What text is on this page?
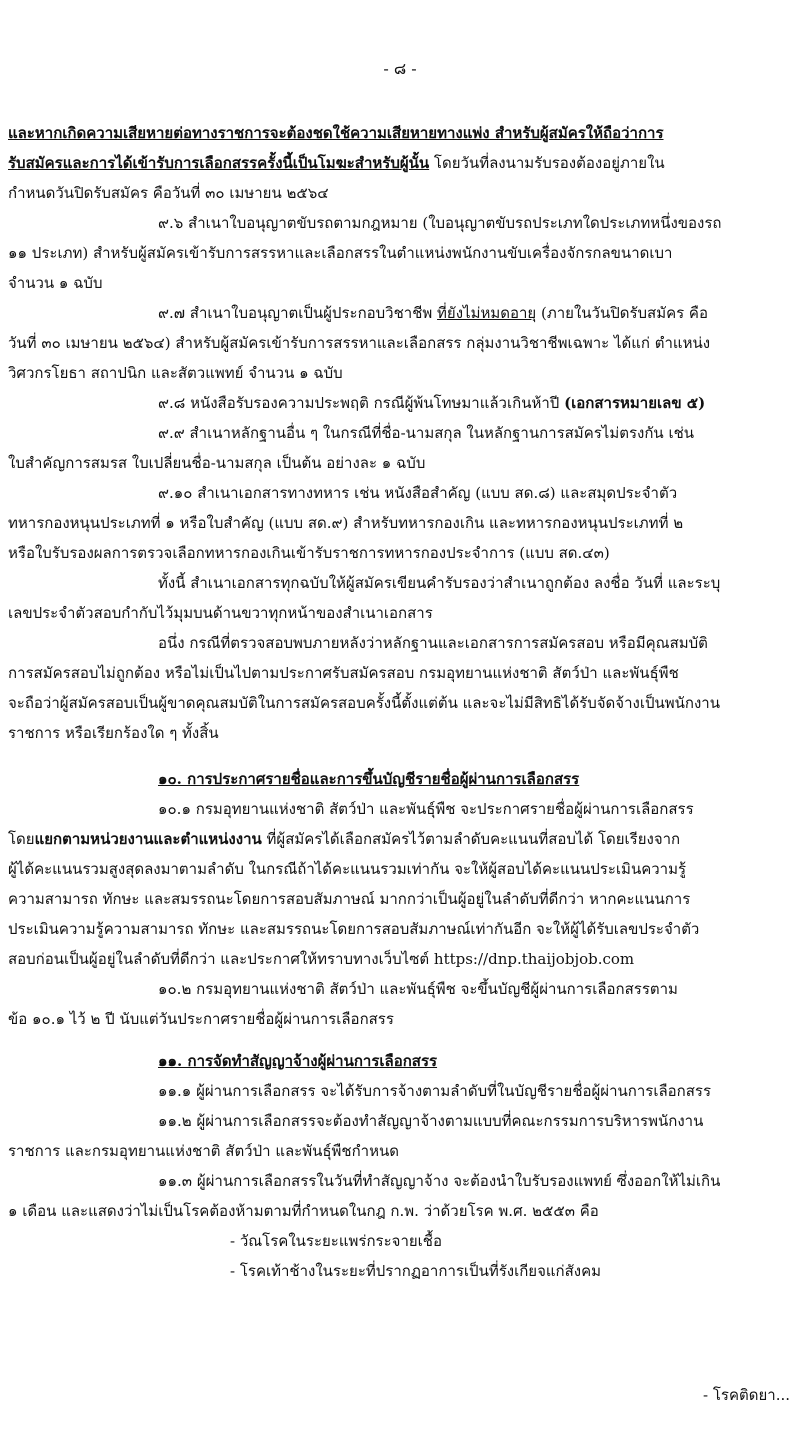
- ๘ -
และหากเกิดความเสียหายต่อทางราชการจะต้องชดใช้ความเสียหายทางแพ่ง สำหรับผู้สมัครให้ถือว่าการ
รับสมัครและการได้เข้ารับการเลือกสรรครั้งนี้เป็นโมฆะสำหรับผู้นั้น โดยวันที่ลงนามรับรองต้องอยู่ภายใน
กำหนดวันปิดรับสมัคร คือวันที่ ๓๐ เมษายน ๒๕๖๔
๙.๖ สำเนาใบอนุญาตขับรถตามกฎหมาย (ใบอนุญาตขับรถประเภทใดประเภทหนึ่งของรถ
๑๑ ประเภท) สำหรับผู้สมัครเข้ารับการสรรหาและเลือกสรรในตำแหน่งพนักงานขับเครื่องจักรกลขนาดเบา
จำนวน ๑ ฉบับ
๙.๗ สำเนาใบอนุญาตเป็นผู้ประกอบวิชาชีพ ที่ยังไม่หมดอายุ (ภายในวันปิดรับสมัคร คือ
วันที่ ๓๐ เมษายน ๒๕๖๔) สำหรับผู้สมัครเข้ารับการสรรหาและเลือกสรร กลุ่มงานวิชาชีพเฉพาะ ได้แก่ ตำแหน่ง
วิศวกรโยธา สถาปนิก และสัตวแพทย์ จำนวน ๑ ฉบับ
๙.๘ หนังสือรับรองความประพฤติ กรณีผู้พ้นโทษมาแล้วเกินห้าปี (เอกสารหมายเลข ๕)
๙.๙ สำเนาหลักฐานอื่น ๆ ในกรณีที่ชื่อ-นามสกุล ในหลักฐานการสมัครไม่ตรงกัน เช่น
ใบสำคัญการสมรส ใบเปลี่ยนชื่อ-นามสกุล เป็นต้น อย่างละ ๑ ฉบับ
๙.๑๐ สำเนาเอกสารทางทหาร เช่น หนังสือสำคัญ (แบบ สด.๘) และสมุดประจำตัว
ทหารกองหนุนประเภทที่ ๑ หรือใบสำคัญ (แบบ สด.๙) สำหรับทหารกองเกิน และทหารกองหนุนประเภทที่ ๒
หรือใบรับรองผลการตรวจเลือกทหารกองเกินเข้ารับราชการทหารกองประจำการ (แบบ สด.๔๓)
ทั้งนี้ สำเนาเอกสารทุกฉบับให้ผู้สมัครเขียนคำรับรองว่าสำเนาถูกต้อง ลงชื่อ วันที่ และระบุ
เลขประจำตัวสอบกำกับไว้มุมบนด้านขวาทุกหน้าของสำเนาเอกสาร
อนึ่ง กรณีที่ตรวจสอบพบภายหลังว่าหลักฐานและเอกสารการสมัครสอบ หรือมีคุณสมบัติ
การสมัครสอบไม่ถูกต้อง หรือไม่เป็นไปตามประกาศรับสมัครสอบ กรมอุทยานแห่งชาติ สัตว์ป่า และพันธุ์พืช
จะถือว่าผู้สมัครสอบเป็นผู้ขาดคุณสมบัติในการสมัครสอบครั้งนี้ตั้งแต่ต้น และจะไม่มีสิทธิได้รับจัดจ้างเป็นพนักงาน
ราชการ หรือเรียกร้องใด ๆ ทั้งสิ้น
๑๐. การประกาศรายชื่อและการขึ้นบัญชีรายชื่อผู้ผ่านการเลือกสรร
๑๐.๑ กรมอุทยานแห่งชาติ สัตว์ป่า และพันธุ์พืช จะประกาศรายชื่อผู้ผ่านการเลือกสรร
โดยแยกตามหน่วยงานและตำแหน่งงาน ที่ผู้สมัครได้เลือกสมัครไว้ตามลำดับคะแนนที่สอบได้ โดยเรียงจาก
ผู้ได้คะแนนรวมสูงสุดลงมาตามลำดับ ในกรณีถ้าได้คะแนนรวมเท่ากัน จะให้ผู้สอบได้คะแนนประเมินความรู้
ความสามารถ ทักษะ และสมรรถนะโดยการสอบสัมภาษณ์ มากกว่าเป็นผู้อยู่ในลำดับที่ดีกว่า หากคะแนนการ
ประเมินความรู้ความสามารถ ทักษะ และสมรรถนะโดยการสอบสัมภาษณ์เท่ากันอีก จะให้ผู้ได้รับเลขประจำตัว
สอบก่อนเป็นผู้อยู่ในลำดับที่ดีกว่า และประกาศให้ทราบทางเว็บไซต์ https://dnp.thaijobjob.com
๑๐.๒ กรมอุทยานแห่งชาติ สัตว์ป่า และพันธุ์พืช จะขึ้นบัญชีผู้ผ่านการเลือกสรรตาม
ข้อ ๑๐.๑ ไว้ ๒ ปี นับแต่วันประกาศรายชื่อผู้ผ่านการเลือกสรร
๑๑. การจัดทำสัญญาจ้างผู้ผ่านการเลือกสรร
๑๑.๑ ผู้ผ่านการเลือกสรร จะได้รับการจ้างตามลำดับที่ในบัญชีรายชื่อผู้ผ่านการเลือกสรร
๑๑.๒ ผู้ผ่านการเลือกสรรจะต้องทำสัญญาจ้างตามแบบที่คณะกรรมการบริหารพนักงาน
ราชการ และกรมอุทยานแห่งชาติ สัตว์ป่า และพันธุ์พืชกำหนด
๑๑.๓ ผู้ผ่านการเลือกสรรในวันที่ทำสัญญาจ้าง จะต้องนำใบรับรองแพทย์ ซึ่งออกให้ไม่เกิน
๑ เดือน และแสดงว่าไม่เป็นโรคต้องห้ามตามที่กำหนดในกฎ ก.พ. ว่าด้วยโรค พ.ศ. ๒๕๕๓ คือ
- วัณโรคในระยะแพร่กระจายเชื้อ
- โรคเท้าช้างในระยะที่ปรากฏอาการเป็นที่รังเกียจแก่สังคม
- โรคติดยา...
